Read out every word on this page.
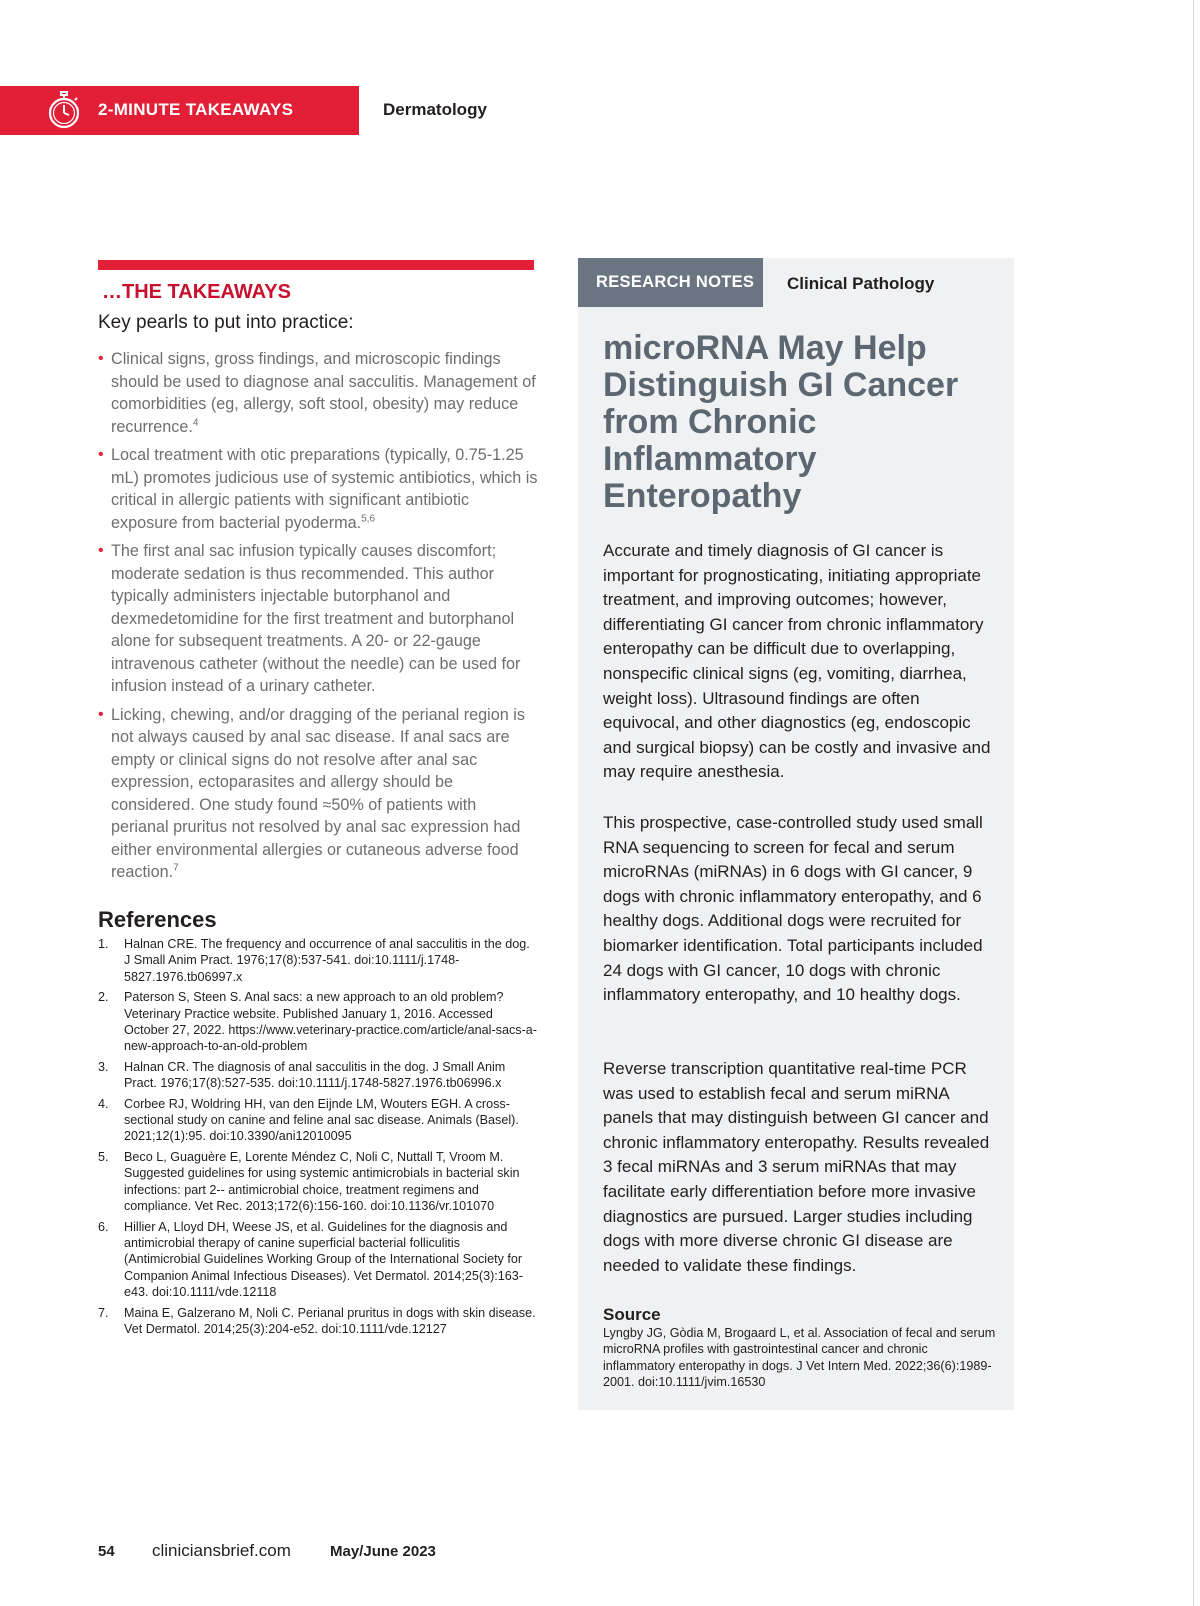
2-MINUTE TAKEAWAYS	Dermatology
…THE TAKEAWAYS

Key pearls to put into practice:

• Clinical signs, gross findings, and microscopic findings should be used to diagnose anal sacculitis. Management of comorbidities (eg, allergy, soft stool, obesity) may reduce recurrence.$^4$
• Local treatment with otic preparations (typically, 0.75-1.25 mL) promotes judicious use of systemic antibiotics, which is critical in allergic patients with significant antibiotic exposure from bacterial pyoderma.$^{5,6}$
• The first anal sac infusion typically causes discomfort; moderate sedation is thus recommended. This author typically administers injectable butorphanol and dexmedetomidine for the first treatment and butorphanol alone for subsequent treatments. A 20- or 22-gauge intravenous catheter (without the needle) can be used for infusion instead of a urinary catheter.
• Licking, chewing, and/or dragging of the perianal region is not always caused by anal sac disease. If anal sacs are empty or clinical signs do not resolve after anal sac expression, ectoparasites and allergy should be considered. One study found ≈50% of patients with perianal pruritus not resolved by anal sac expression had either environmental allergies or cutaneous adverse food reaction.$^7$
References
1. Halnan CRE. The frequency and occurrence of anal sacculitis in the dog. J Small Anim Pract. 1976;17(8):537-541. doi:10.1111/j.1748-5827.1976.tb06997.x
2. Paterson S, Steen S. Anal sacs: a new approach to an old problem? Veterinary Practice website. Published January 1, 2016. Accessed October 27, 2022. https://www.veterinary-practice.com/article/anal-sacs-a-new-approach-to-an-old-problem
3. Halnan CR. The diagnosis of anal sacculitis in the dog. J Small Anim Pract. 1976;17(8):527-535. doi:10.1111/j.1748-5827.1976.tb06996.x
4. Corbee RJ, Woldring HH, van den Eijnde LM, Wouters EGH. A cross-sectional study on canine and feline anal sac disease. Animals (Basel). 2021;12(1):95. doi:10.3390/ani12010095
5. Beco L, Guaguère E, Lorente Méndez C, Noli C, Nuttall T, Vroom M. Suggested guidelines for using systemic antimicrobials in bacterial skin infections: part 2-- antimicrobial choice, treatment regimens and compliance. Vet Rec. 2013;172(6):156-160. doi:10.1136/vr.101070
6. Hillier A, Lloyd DH, Weese JS, et al. Guidelines for the diagnosis and antimicrobial therapy of canine superficial bacterial folliculitis (Antimicrobial Guidelines Working Group of the International Society for Companion Animal Infectious Diseases). Vet Dermatol. 2014;25(3):163-e43. doi:10.1111/vde.12118
7. Maina E, Galzerano M, Noli C. Perianal pruritus in dogs with skin disease. Vet Dermatol. 2014;25(3):204-e52. doi:10.1111/vde.12127
RESEARCH NOTES Clinical Pathology
microRNA May Help Distinguish GI Cancer from Chronic Inflammatory Enteropathy

Accurate and timely diagnosis of GI cancer is important for prognosticating, initiating appropriate treatment, and improving outcomes; however, differentiating GI cancer from chronic inflammatory enteropathy can be difficult due to overlapping, nonspecific clinical signs (eg, vomiting, diarrhea, weight loss). Ultrasound findings are often equivocal, and other diagnostics (eg, endoscopic and surgical biopsy) can be costly and invasive and may require anesthesia.

This prospective, case-controlled study used small RNA sequencing to screen for fecal and serum microRNAs (miRNAs) in 6 dogs with GI cancer, 9 dogs with chronic inflammatory enteropathy, and 6 healthy dogs. Additional dogs were recruited for biomarker identification. Total participants included 24 dogs with GI cancer, 10 dogs with chronic inflammatory enteropathy, and 10 healthy dogs.

Reverse transcription quantitative real-time PCR was used to establish fecal and serum miRNA panels that may distinguish between GI cancer and chronic inflammatory enteropathy. Results revealed 3 fecal miRNAs and 3 serum miRNAs that may facilitate early differentiation before more invasive diagnostics are pursued. Larger studies including dogs with more diverse chronic GI disease are needed to validate these findings.

Source

Lyngby JG, Gòdia M, Brogaard L, et al. Association of fecal and serum microRNA profiles with gastrointestinal cancer and chronic inflammatory enteropathy in dogs. J Vet Intern Med. 2022;36(6):1989-2001. doi:10.1111/jvim.16530

54 cliniciansbrief.com	May/June 2023
